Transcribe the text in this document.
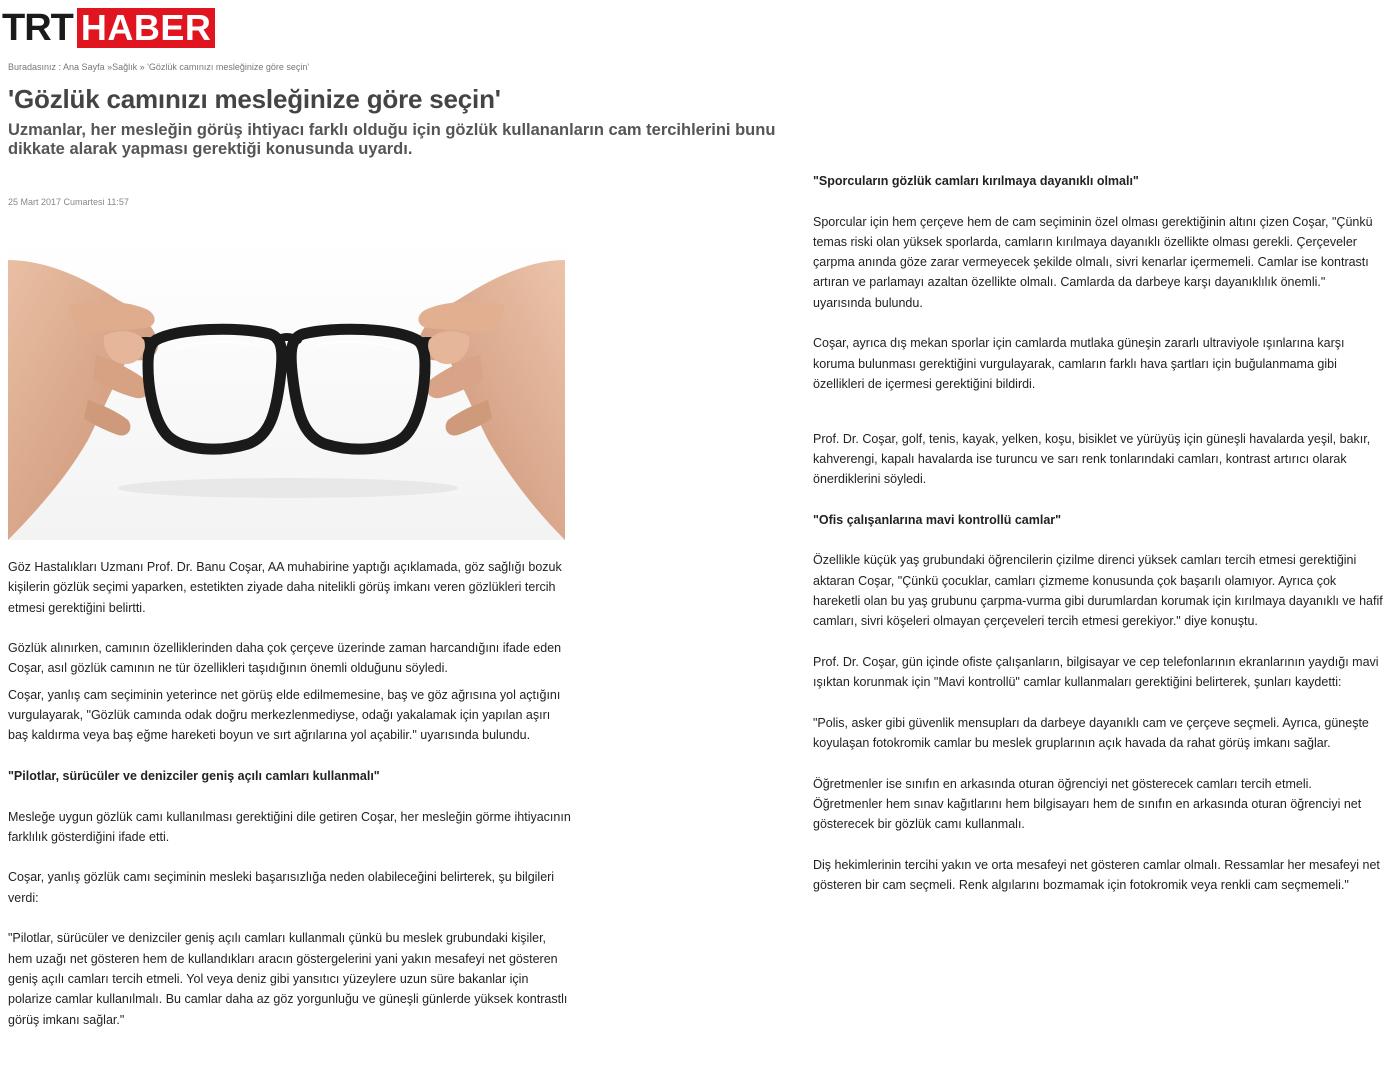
TRT HABER
Buradasınız : Ana Sayfa »Sağlık » 'Gözlük camınızı mesleğinize göre seçin'
'Gözlük camınızı mesleğinize göre seçin'
Uzmanlar, her mesleğin görüş ihtiyacı farklı olduğu için gözlük kullananların cam tercihlerini bunu dikkate alarak yapması gerektiği konusunda uyardı.
25 Mart 2017 Cumartesi 11:57

Göz Hastalıkları Uzmanı Prof. Dr. Banu Coşar, AA muhabirine yaptığı açıklamada, göz sağlığı bozuk kişilerin gözlük seçimi yaparken, estetikten ziyade daha nitelikli görüş imkanı veren gözlükleri tercih etmesi gerektiğini belirtti.

Gözlük alınırken, camının özelliklerinden daha çok çerçeve üzerinde zaman harcandığını ifade eden Coşar, asıl gözlük camının ne tür özellikleri taşıdığının önemli olduğunu söyledi.

Coşar, yanlış cam seçiminin yeterince net görüş elde edilmemesine, baş ve göz ağrısına yol açtığını vurgulayarak, "Gözlük camında odak doğru merkezlenmediyse, odağı yakalamak için yapılan aşırı baş kaldırma veya baş eğme hareketi boyun ve sırt ağrılarına yol açabilir." uyarısında bulundu.

"Pilotlar, sürücüler ve denizciler geniş açılı camları kullanmalı"

Mesleğe uygun gözlük camı kullanılması gerektiğini dile getiren Coşar, her mesleğin görme ihtiyacının farklılık gösterdiğini ifade etti.

Coşar, yanlış gözlük camı seçiminin mesleki başarısızlığa neden olabileceğini belirterek, şu bilgileri verdi:

"Pilotlar, sürücüler ve denizciler geniş açılı camları kullanmalı çünkü bu meslek grubundaki kişiler, hem uzağı net gösteren hem de kullandıkları aracın göstergelerini yani yakın mesafeyi net gösteren geniş açılı camları tercih etmeli. Yol veya deniz gibi yansıtıcı yüzeylere uzun süre bakanlar için polarize camlar kullanılmalı. Bu camlar daha az göz yorgunluğu ve güneşli günlerde yüksek kontrastlı görüş imkanı sağlar."

"Sporcuların gözlük camları kırılmaya dayanıklı olmalı"

Sporcular için hem çerçeve hem de cam seçiminin özel olması gerektiğinin altını çizen Coşar, "Çünkü temas riski olan yüksek sporlarda, camların kırılmaya dayanıklı özellikte olması gerekli. Çerçeveler çarpma anında göze zarar vermeyecek şekilde olmalı, sivri kenarlar içermemeli. Camlar ise kontrastı artıran ve parlamayı azaltan özellikte olmalı. Camlarda da darbeye karşı dayanıklılık önemli." uyarısında bulundu.

Coşar, ayrıca dış mekan sporlar için camlarda mutlaka güneşin zararlı ultraviyole ışınlarına karşı koruma bulunması gerektiğini vurgulayarak, camların farklı hava şartları için buğulanmama gibi özellikleri de içermesi gerektiğini bildirdi.

Prof. Dr. Coşar, golf, tenis, kayak, yelken, koşu, bisiklet ve yürüyüş için güneşli havalarda yeşil, bakır, kahverengi, kapalı havalarda ise turuncu ve sarı renk tonlarındaki camları, kontrast artırıcı olarak önerdiklerini söyledi.

"Ofis çalışanlarına mavi kontrollü camlar"

Özellikle küçük yaş grubundaki öğrencilerin çizilme direnci yüksek camları tercih etmesi gerektiğini aktaran Coşar, "Çünkü çocuklar, camları çizmeme konusunda çok başarılı olamıyor. Ayrıca çok hareketli olan bu yaş grubunu çarpma-vurma gibi durumlardan korumak için kırılmaya dayanıklı ve hafif camları, sivri köşeleri olmayan çerçeveleri tercih etmesi gerekiyor." diye konuştu.

Prof. Dr. Coşar, gün içinde ofiste çalışanların, bilgisayar ve cep telefonlarının ekranlarının yaydığı mavi ışıktan korunmak için "Mavi kontrollü" camlar kullanmaları gerektiğini belirterek, şunları kaydetti:

"Polis, asker gibi güvenlik mensupları da darbeye dayanıklı cam ve çerçeve seçmeli. Ayrıca, güneşte koyulaşan fotokromik camlar bu meslek gruplarının açık havada da rahat görüş imkanı sağlar.

Öğretmenler ise sınıfın en arkasında oturan öğrenciyi net gösterecek camları tercih etmeli. Öğretmenler hem sınav kağıtlarını hem bilgisayarı hem de sınıfın en arkasında oturan öğrenciyi net gösterecek bir gözlük camı kullanmalı.

Diş hekimlerinin tercihi yakın ve orta mesafeyi net gösteren camlar olmalı. Ressamlar her mesafeyi net gösteren bir cam seçmeli. Renk algılarını bozmamak için fotokromik veya renkli cam seçmemeli."
